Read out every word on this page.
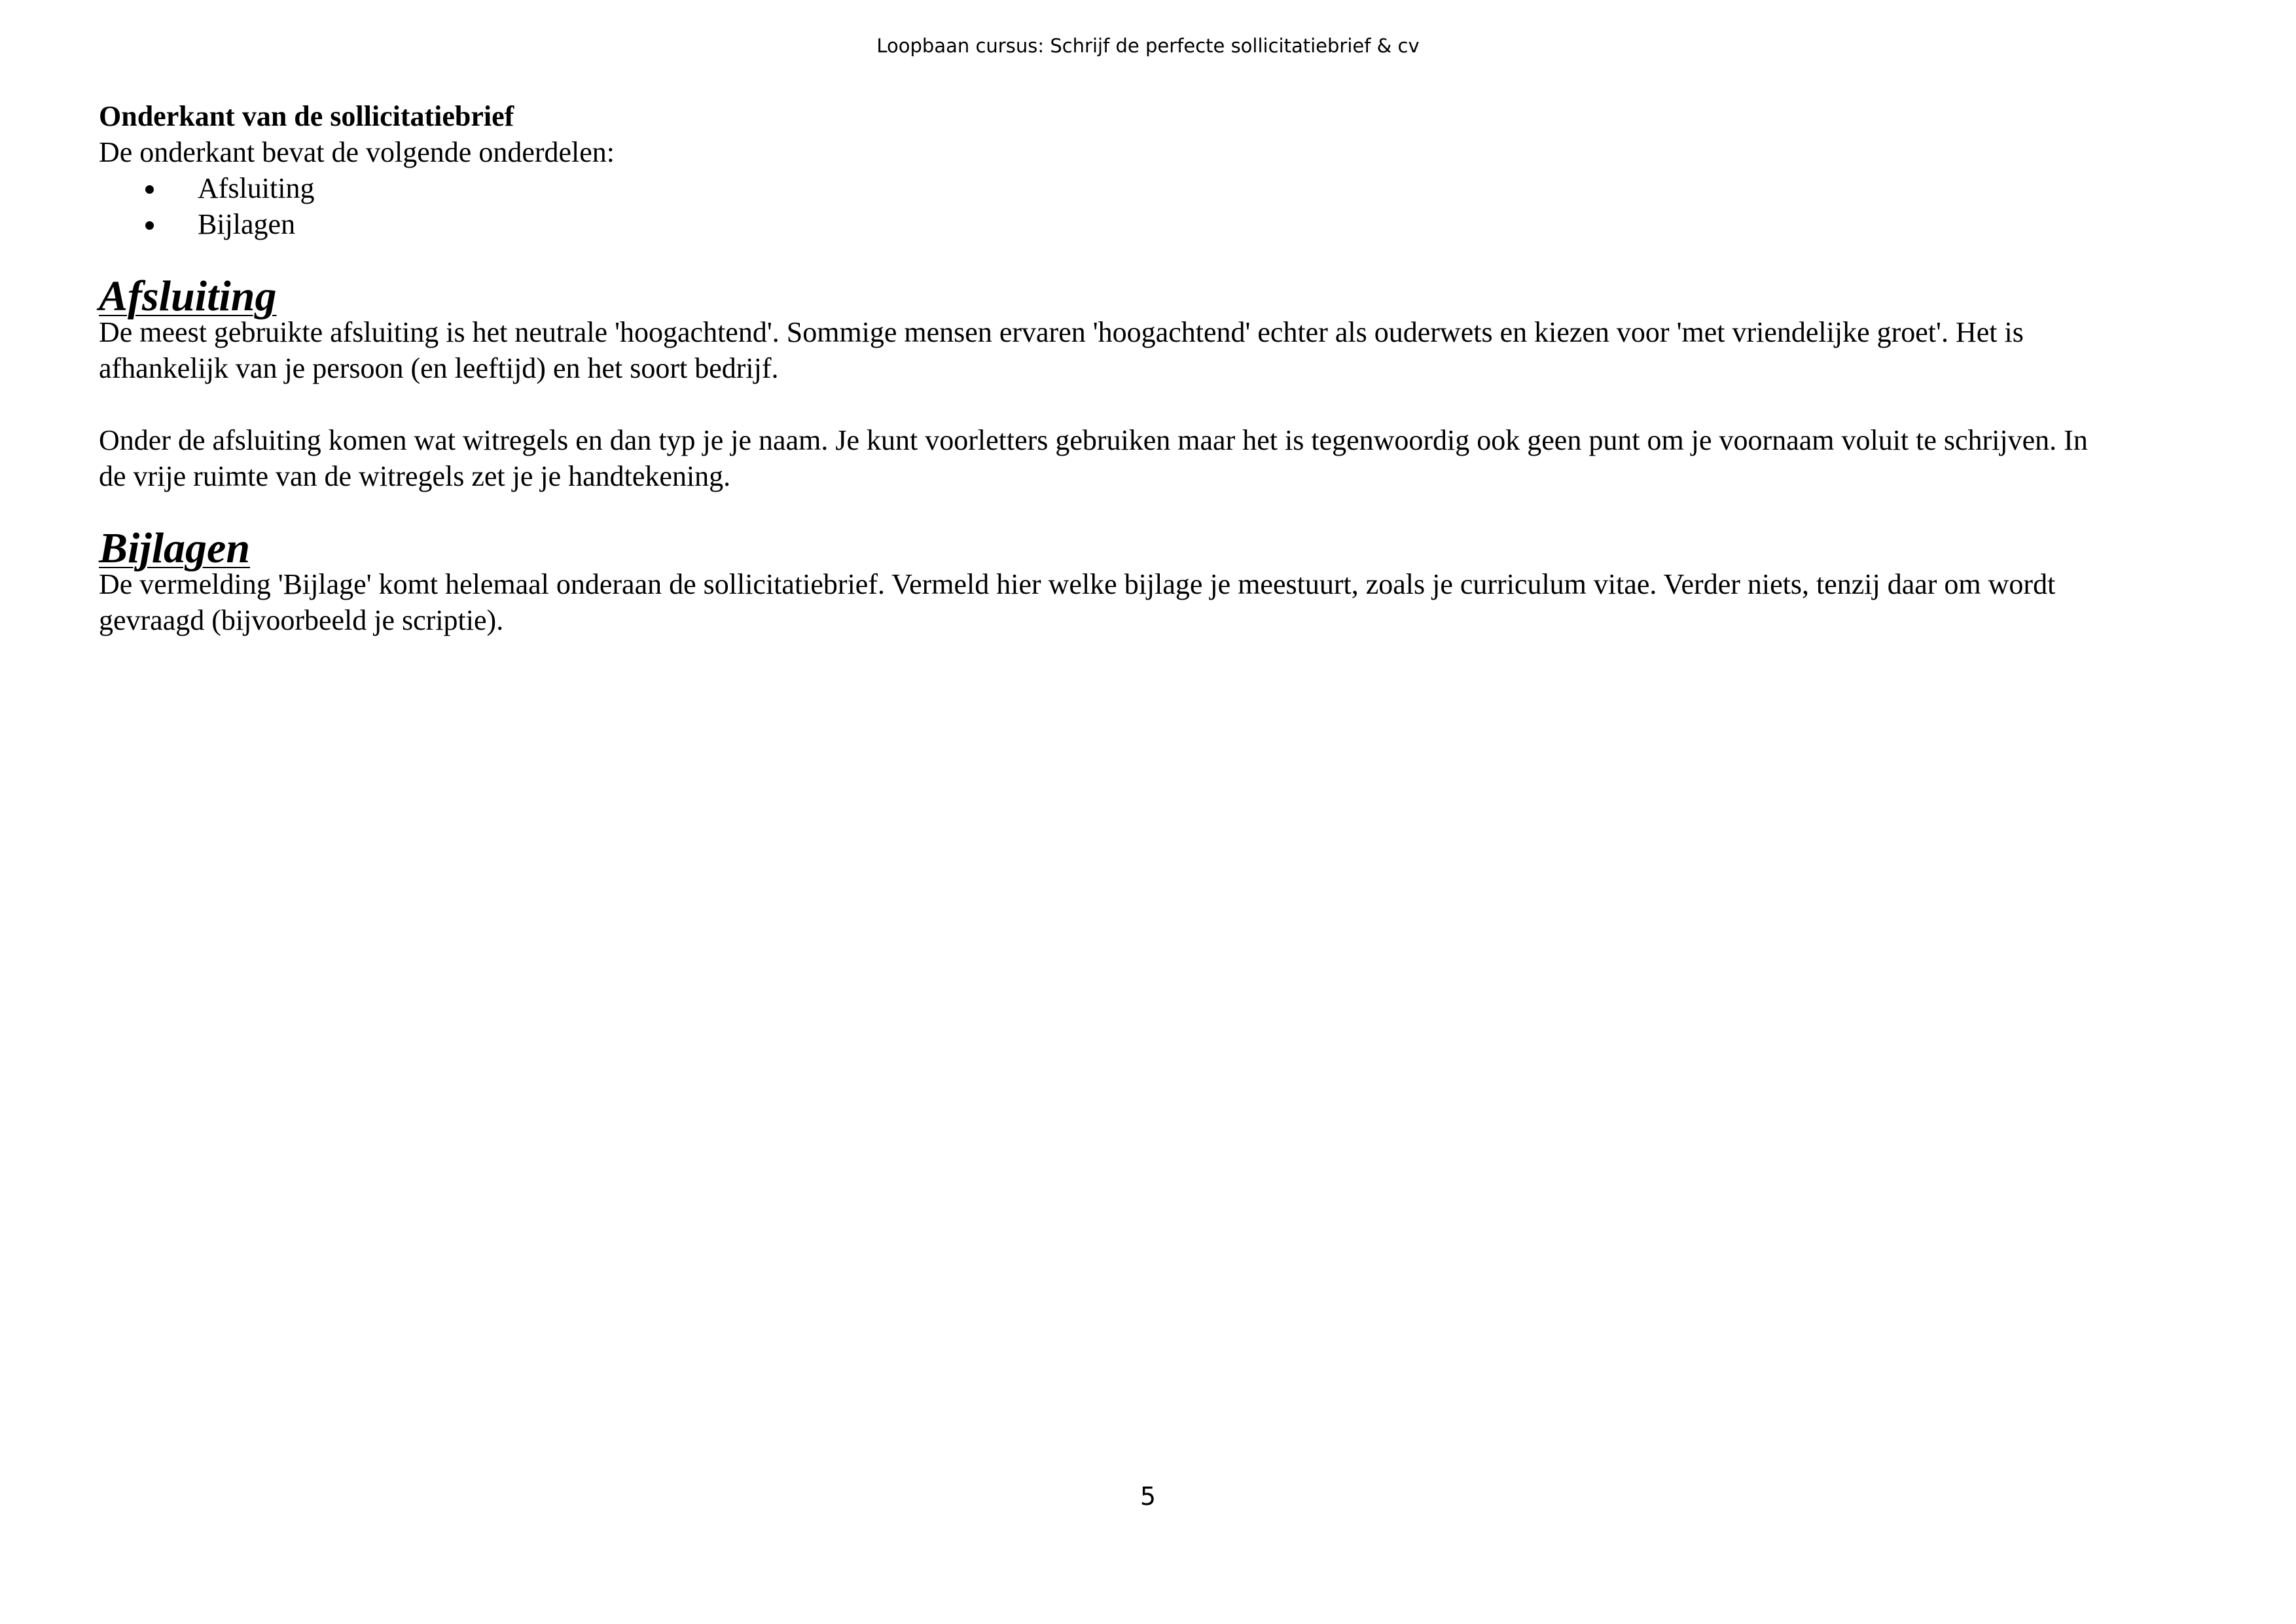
Loopbaan cursus: Schrijf de perfecte sollicitatiebrief & cv
Onderkant van de sollicitatiebrief

De onderkant bevat de volgende onderdelen:

Afsluiting
Bijlagen
Afsluiting

De meest gebruikte afsluiting is het neutrale 'hoogachtend'. Sommige mensen ervaren 'hoogachtend' echter als ouderwets en kiezen voor 'met vriendelijke groet'. Het is
afhankelijk van je persoon (en leeftijd) en het soort bedrijf.

Onder de afsluiting komen wat witregels en dan typ je je naam. Je kunt voorletters gebruiken maar het is tegenwoordig ook geen punt om je voornaam voluit te schrijven. In
de vrije ruimte van de witregels zet je je handtekening.

Bijlagen

De vermelding 'Bijlage' komt helemaal onderaan de sollicitatiebrief. Vermeld hier welke bijlage je meestuurt, zoals je curriculum vitae. Verder niets, tenzij daar om wordt
gevraagd (bijvoorbeeld je scriptie).

5
